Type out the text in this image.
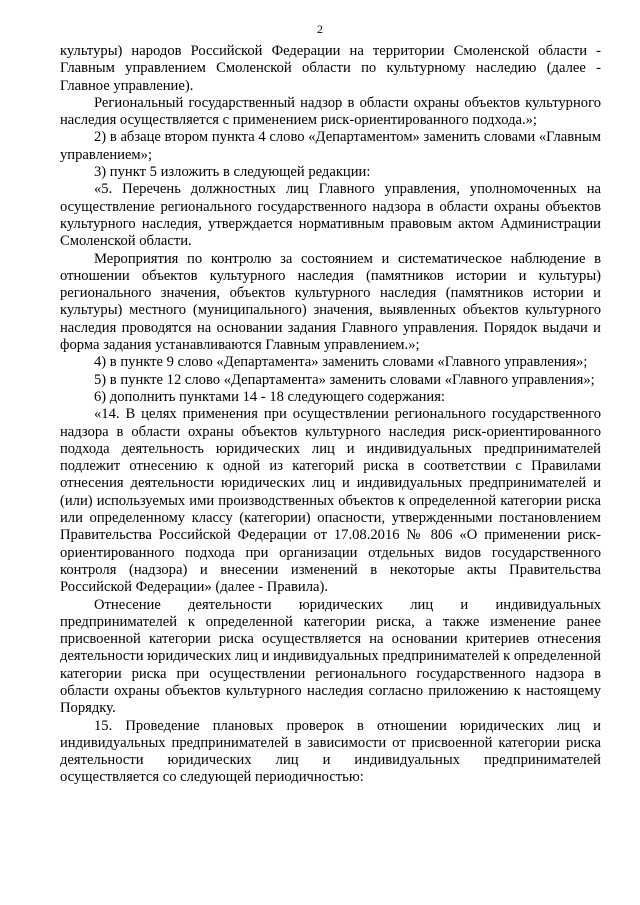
2

культуры) народов Российской Федерации на территории Смоленской области - Главным управлением Смоленской области по культурному наследию (далее - Главное управление).

Региональный государственный надзор в области охраны объектов культурного наследия осуществляется с применением риск-ориентированного подхода.»;

2) в абзаце втором пункта 4 слово «Департаментом» заменить словами «Главным управлением»;

3) пункт 5 изложить в следующей редакции:

«5. Перечень должностных лиц Главного управления, уполномоченных на осуществление регионального государственного надзора в области охраны объектов культурного наследия, утверждается нормативным правовым актом Администрации Смоленской области.

Мероприятия по контролю за состоянием и систематическое наблюдение в отношении объектов культурного наследия (памятников истории и культуры) регионального значения, объектов культурного наследия (памятников истории и культуры) местного (муниципального) значения, выявленных объектов культурного наследия проводятся на основании задания Главного управления. Порядок выдачи и форма задания устанавливаются Главным управлением.»;

4) в пункте 9 слово «Департамента» заменить словами «Главного управления»;

5) в пункте 12 слово «Департамента» заменить словами «Главного управления»;

6) дополнить пунктами 14 - 18 следующего содержания:

«14. В целях применения при осуществлении регионального государственного надзора в области охраны объектов культурного наследия риск-ориентированного подхода деятельность юридических лиц и индивидуальных предпринимателей подлежит отнесению к одной из категорий риска в соответствии с Правилами отнесения деятельности юридических лиц и индивидуальных предпринимателей и (или) используемых ими производственных объектов к определенной категории риска или определенному классу (категории) опасности, утвержденными постановлением Правительства Российской Федерации от 17.08.2016 № 806 «О применении риск-ориентированного подхода при организации отдельных видов государственного контроля (надзора) и внесении изменений в некоторые акты Правительства Российской Федерации» (далее - Правила).

Отнесение деятельности юридических лиц и индивидуальных предпринимателей к определенной категории риска, а также изменение ранее присвоенной категории риска осуществляется на основании критериев отнесения деятельности юридических лиц и индивидуальных предпринимателей к определенной категории риска при осуществлении регионального государственного надзора в области охраны объектов культурного наследия согласно приложению к настоящему Порядку.

15. Проведение плановых проверок в отношении юридических лиц и индивидуальных предпринимателей в зависимости от присвоенной категории риска деятельности юридических лиц и индивидуальных предпринимателей осуществляется со следующей периодичностью:
